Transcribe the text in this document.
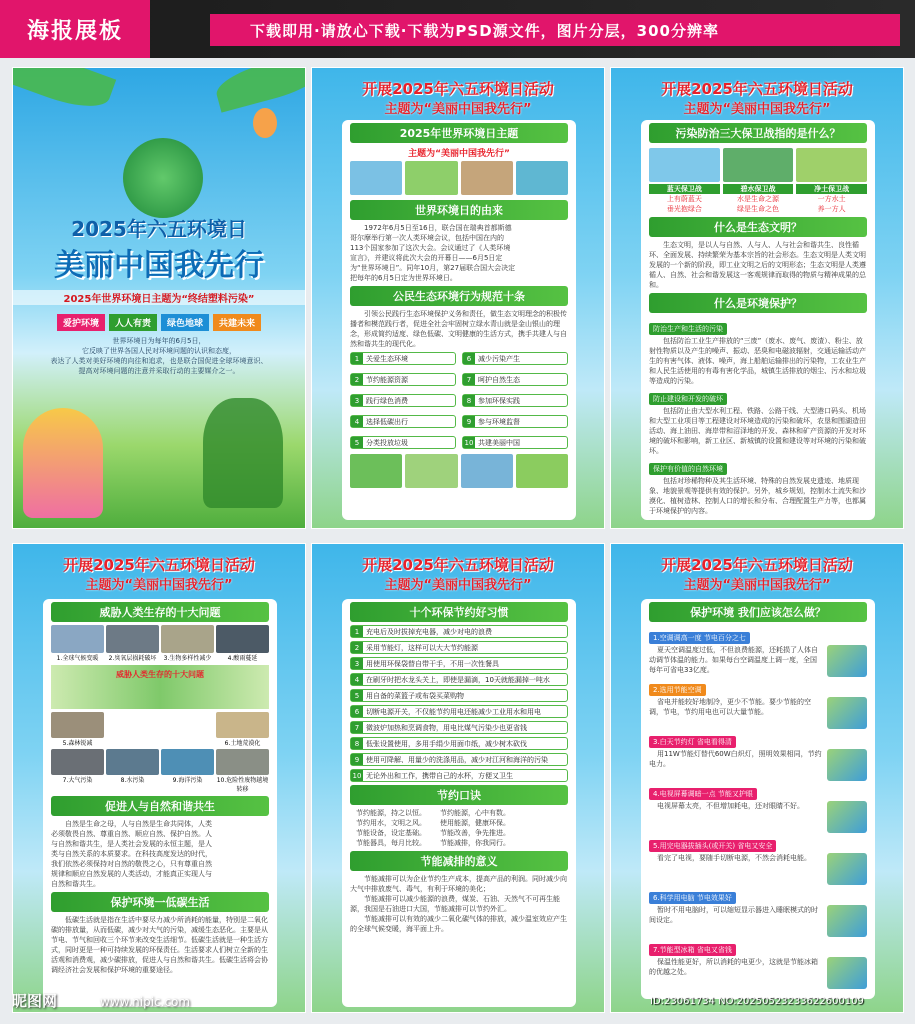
海报展板	下载即用·请放心下载·下载为PSD源文件，图片分层，300分辨率
2025年六五环境日
美丽中国我先行
2025年世界环境日主题为“终结塑料污染”
爱护环境 人人有责 绿色地球 共建未来
世界环境日为每年的6月5日，
它反映了世界各国人民对环境问题的认识和态度，
表达了人类对美好环境的向往和追求，也是联合国促进全球环境意识、
提高对环境问题的注意并采取行动的主要媒介之一。
开展2025年六五环境日活动
主题为“美丽中国我先行”
2025年世界环境日主题
主题为“美丽中国我先行”
世界环境日的由来
1972年6月5日至16日，联合国在瑞典首都斯德哥尔摩举行第一次人类环境会议，包括中国在内的113个国家参加了这次大会。会议通过了《人类环境宣言》，并建议将此次大会的开幕日——6月5日定为“世界环境日”。同年10月，第27届联合国大会决定把每年的6月5日定为世界环境日。
公民生态环境行为规范十条
引领公民践行生态环境保护义务和责任，做生态文明理念的积极传播者和模范践行者，促进全社会牢固树立绿水青山就是金山银山的理念，形成简约适度、绿色低碳、文明健康的生活方式，携手共建人与自然和谐共生的现代化。
1 关爱生态环境	6 减少污染产生
2 节约能源资源	7 呵护自然生态
3 践行绿色消费	8 参加环保实践
4 选择低碳出行	9 参与环境监督
5 分类投放垃圾	10 共建美丽中国
开展2025年六五环境日活动
主题为“美丽中国我先行”
污染防治三大保卫战指的是什么？
蓝天保卫战
上有蔚蓝天
垂光抱绿合
碧水保卫战
水是生命之源
绿是生命之色
净土保卫战
一方水土
养一方人
什么是生态文明？
生态文明，是以人与自然、人与人、人与社会和谐共生、良性循环、全面发展、持续繁荣为基本宗旨的社会形态。生态文明是人类文明发展的一个新的阶段，即工业文明之后的文明形态；生态文明是人类遵循人、自然、社会和谐发展这一客观规律而取得的物质与精神成果的总和。
什么是环境保护？
防治生产和生活的污染
包括防治工业生产排放的“三废”（废水、废气、废渣）、粉尘、放射性物质以及产生的噪声、振动、恶臭和电磁波辐射，交通运输活动产生的有害气体、液体、噪声，海上船舶运输排出的污染物，工农业生产和人民生活使用的有毒有害化学品，城镇生活排放的烟尘、污水和垃圾等造成的污染。
防止建设和开发的破坏
包括防止由大型水利工程、铁路、公路干线、大型港口码头、机场和大型工业项目等工程建设对环境造成的污染和破坏，农垦和围湖造田活动、海上油田、海岸带和沼泽地的开发、森林和矿产资源的开发对环境的破坏和影响，新工业区、新城镇的设置和建设等对环境的污染和破坏。
保护有价值的自然环境
包括对珍稀物种及其生活环境、特殊的自然发展史遗迹、地质现象、地貌景观等提供有效的保护。另外，城乡规划，控制水土流失和沙漠化、植树造林、控制人口的增长和分布、合理配置生产力等，也都属于环境保护的内容。
开展2025年六五环境日活动
主题为“美丽中国我先行”
威胁人类生存的十大问题
1.全球气候变暖	2.臭氧层损耗破坏	3.生物多样性减少	4.酸雨蔓延
威胁人类生存的十大问题
5.森林锐减	6.土地荒漠化
7.大气污染	8.水污染	9.海洋污染	10.危险性废物越境转移
促进人与自然和谐共生
自然是生命之母，人与自然是生命共同体，人类必须敬畏自然、尊重自然、顺应自然、保护自然。人与自然和谐共生，是人类社会发展的永恒主题，是人类与自然关系的本质要求。在科技高度发达的时代，我们依然必须保持对自然的敬畏之心，只有尊重自然规律和顺应自然发展的人类活动，才能真正实现人与自然和谐共生。
保护环境一低碳生活
低碳生活就是指在生活中要尽力减少所消耗的能量，特别是二氧化碳的排放量，从而低碳，减少对大气的污染，减缓生态恶化。主要是从节电、节气和回收三个环节来改变生活细节。低碳生活就是一种生活方式，同时更是一种可持续发展的环保责任。生活要求人们树立全新的生活观和消费观，减少碳排放，促进人与自然和谐共生。低碳生活将会协调经济社会发展和保护环境的重要途径。
开展2025年六五环境日活动
主题为“美丽中国我先行”
十个环保节约好习惯
1 充电后及时拔掉充电器，减少对电的浪费
2 采用节能灯，这样可以大大节约能源
3 用使用环保袋替自带干手，不用一次性餐具
4 在刷牙时把水龙头关上，即使是漏滴，10天就能漏掉一吨水
5 用自备的菜篮子或布袋买菜购物
6 切断电源开关，不仅能节约用电还能减少工业用水和用电
7 微波炉加热和烹调食物，用电比煤气污染少也更省钱
8 低张设置使用，多用手绢少用面巾纸，减少树木砍伐
9 使用可降解、用量少的洗涤用品，减少对江河和海洋的污染
10 无论外出和工作，携带自己的水杯，方便又卫生
节约口诀
节约能源，持之以恒。	节约能源，心中有数。
节约用水，文明之风。	使用能源，健康环保。
节能设备，设定基础。	节能改善，争先推进。
节能器具，每月比较。	节能减排，你我同行。
节能减排的意义
节能减排可以为企业节约生产成本，提高产品的利润。同时减少向大气中排放废气、毒气，有利于环境的美化；
节能减排可以减少能源的浪费，煤炭、石油、天然气不可再生能源，我国是石油进口大国，节能减排可以节约外汇。
节能减排可以有效的减少二氧化碳气体的排放，减少温室效应产生的全球气候变暖，海平面上升。
开展2025年六五环境日活动
主题为“美丽中国我先行”
保护环境 我们应该怎么做？
1.空调调高一度 节电百分之七
夏天空调温度过低，不但浪费能源，还耗损了人体自动调节体温的能力。如果每台空调温度上调一度，全国每年可省电33亿度。
2.选用节能空调
省电并能较好地制冷，更少不节能。要少节能的空调，节电，节约用电也可以大量节能。
3.白天节约灯 省电看得清
用11W节能灯替代60W白炽灯，照明效果相同，节约电力。
4.电视屏幕调暗一点 节能又护眼
电视屏幕太亮，不但增加耗电，还对眼睛不好。
5.用完电器拔插头(或开关) 省电又安全
看完了电视，要随手切断电源，不然会消耗电能。
6.科学用电脑 节电效果好
暂时不用电脑时，可以缩短显示器进入睡眠模式的时间设定。
7.节能型冰箱 省电又省钱
保温性能更好，所以消耗的电更少，这就是节能冰箱的优越之处。
昵图网	www.nipic.com	ID:23061734 NO:20250523233622600109
